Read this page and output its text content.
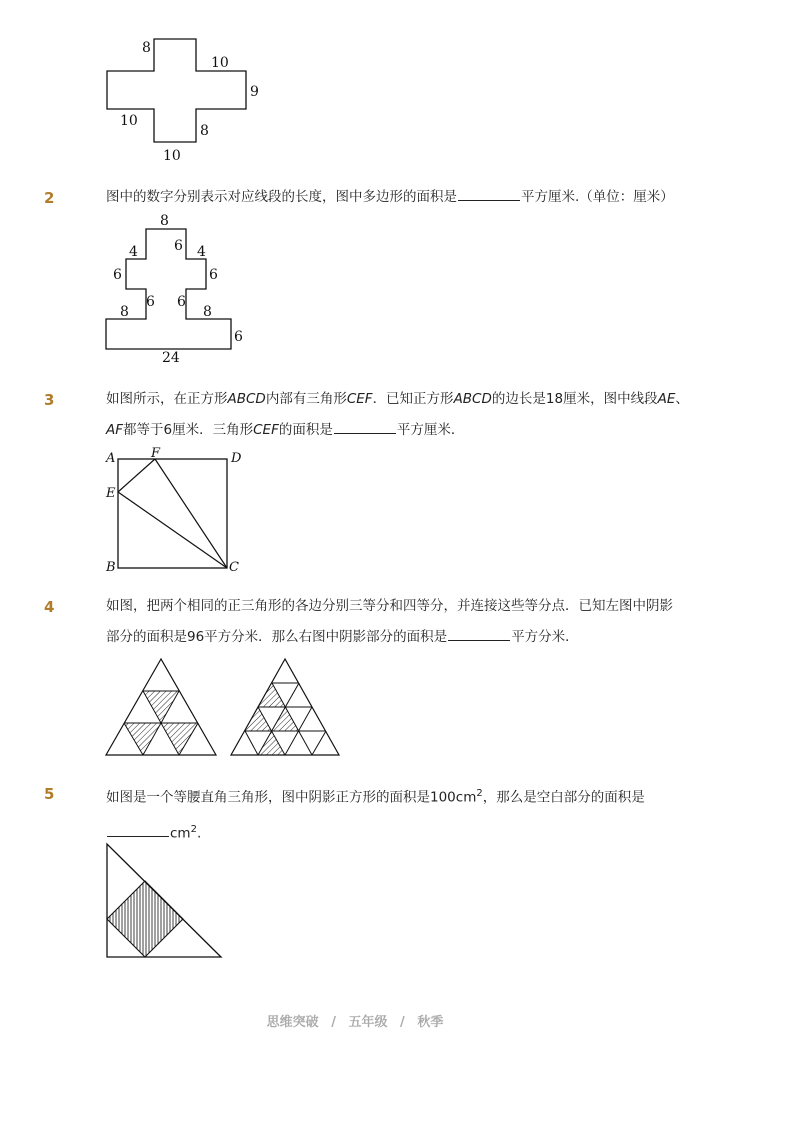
8
10
9
10
8
10
2	图中的数字分别表示对应线段的长度，图中多边形的面积是	平方厘米.（单位：厘米）
8
4	6 4
6	6
8
6 6
8
6
24
3	如图所示，在正方形ABCD内部有三角形CEF．已知正方形ABCD的边长是18厘米，图中线段AE、
AF都等于6厘米．三角形CEF的面积是	平方厘米．
A	F	D
E
B	C
4	如图，把两个相同的正三角形的各边分别三等分和四等分，并连接这些等分点．已知左图中阴影
部分的面积是96平方分米．那么右图中阴影部分的面积是	平方分米．
5	如图是一个等腰直角三角形，图中阴影正方形的面积是$100cm^2$，那么是空白部分的面积是
$cm^2$.
思维突破 / 五年级 / 秋季
